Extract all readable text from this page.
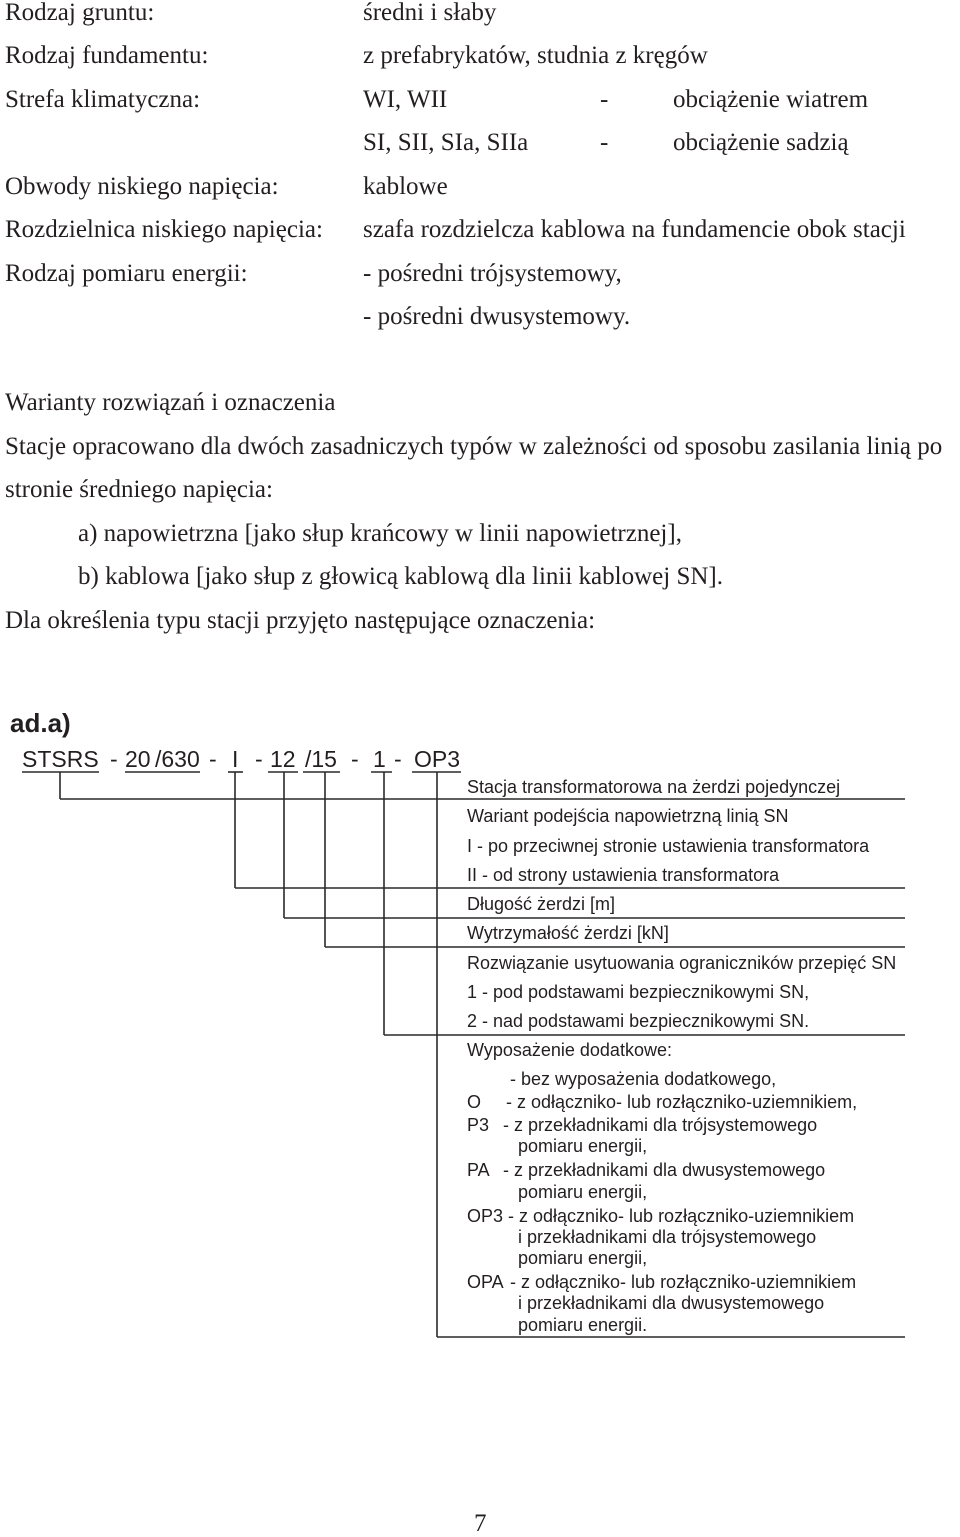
Rodzaj gruntu:	średni i słaby
Rodzaj fundamentu:	z prefabrykatów, studnia z kręgów
Strefa klimatyczna:	WI, WII	-	obciążenie wiatrem
SI, SII, SIa, SIIa	-	obciążenie sadzią
Obwody niskiego napięcia:	kablowe
Rozdzielnica niskiego napięcia: szafa rozdzielcza kablowa na fundamencie obok stacji
Rodzaj pomiaru energii:	- pośredni trójsystemowy,
- pośredni dwusystemowy.
Warianty rozwiązań i oznaczenia
Stacje opracowano dla dwóch zasadniczych typów w zależności od sposobu zasilania linią po
stronie średniego napięcia:
a) napowietrzna [jako słup krańcowy w linii napowietrznej],
b) kablowa [jako słup z głowicą kablową dla linii kablowej SN].
Dla określenia typu stacji przyjęto następujące oznaczenia:
ad.a)
STSRS - 20 /630 - I - 12 /15 - 1 - OP3
Stacja transformatorowa na żerdzi pojedynczej
Wariant podejścia napowietrzną linią SN
I - po przeciwnej stronie ustawienia transformatora
II - od strony ustawienia transformatora
Długość żerdzi [m]
Wytrzymałość żerdzi [kN]
Rozwiązanie usytuowania ograniczników przepięć SN
1 - pod podstawami bezpiecznikowymi SN,
2 - nad podstawami bezpiecznikowymi SN.
Wyposażenie dodatkowe:
- bez wyposażenia dodatkowego,
O - z odłączniko- lub rozłączniko-uziemnikiem,
P3 - z przekładnikami dla trójsystemowego
pomiaru energii,
PA - z przekładnikami dla dwusystemowego
pomiaru energii,
OP3 - z odłączniko- lub rozłączniko-uziemnikiem
i przekładnikami dla trójsystemowego
pomiaru energii,
OPA - z odłączniko- lub rozłączniko-uziemnikiem
i przekładnikami dla dwusystemowego
pomiaru energii.
7
